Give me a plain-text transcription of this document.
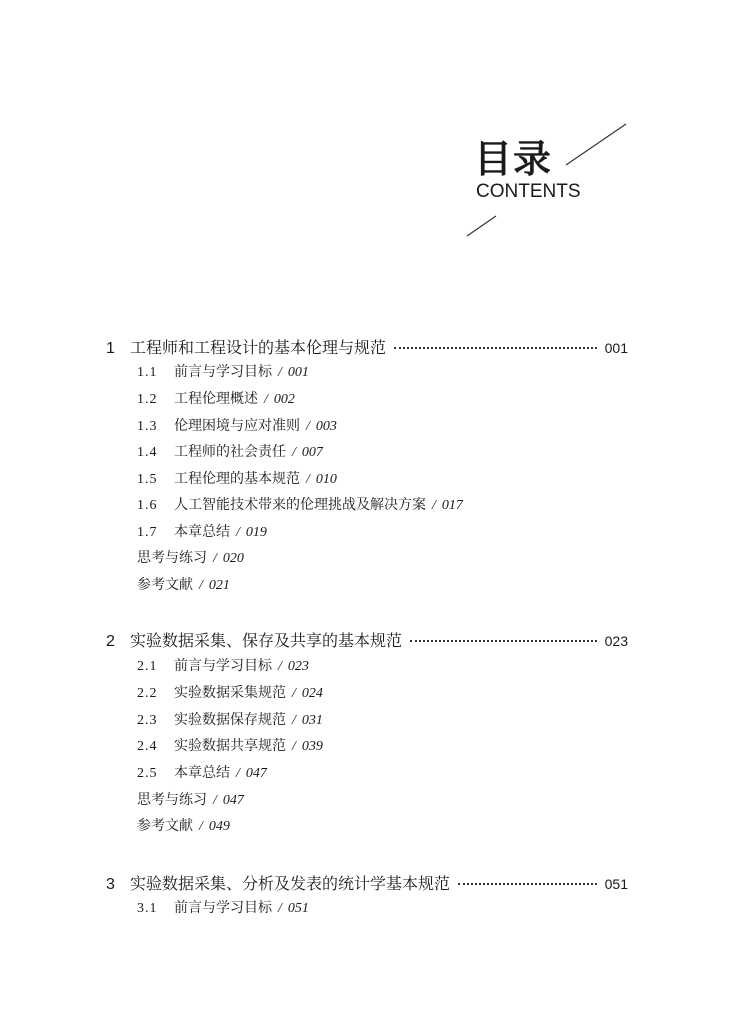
目录
CONTENTS
1 工程师和工程设计的基本伦理与规范	001
1.1	前言与学习目标 / 001
1.2	工程伦理概述 / 002
1.3	伦理困境与应对准则 / 003
1.4	工程师的社会责任 / 007
1.5	工程伦理的基本规范 / 010
1.6	人工智能技术带来的伦理挑战及解决方案 / 017
1.7	本章总结 / 019
思考与练习 / 020
参考文献 / 021
2 实验数据采集、保存及共享的基本规范	023
2.1	前言与学习目标 / 023
2.2	实验数据采集规范 / 024
2.3	实验数据保存规范 / 031
2.4	实验数据共享规范 / 039
2.5	本章总结 / 047
思考与练习 / 047
参考文献 / 049
3 实验数据采集、分析及发表的统计学基本规范	051
3.1	前言与学习目标 / 051
